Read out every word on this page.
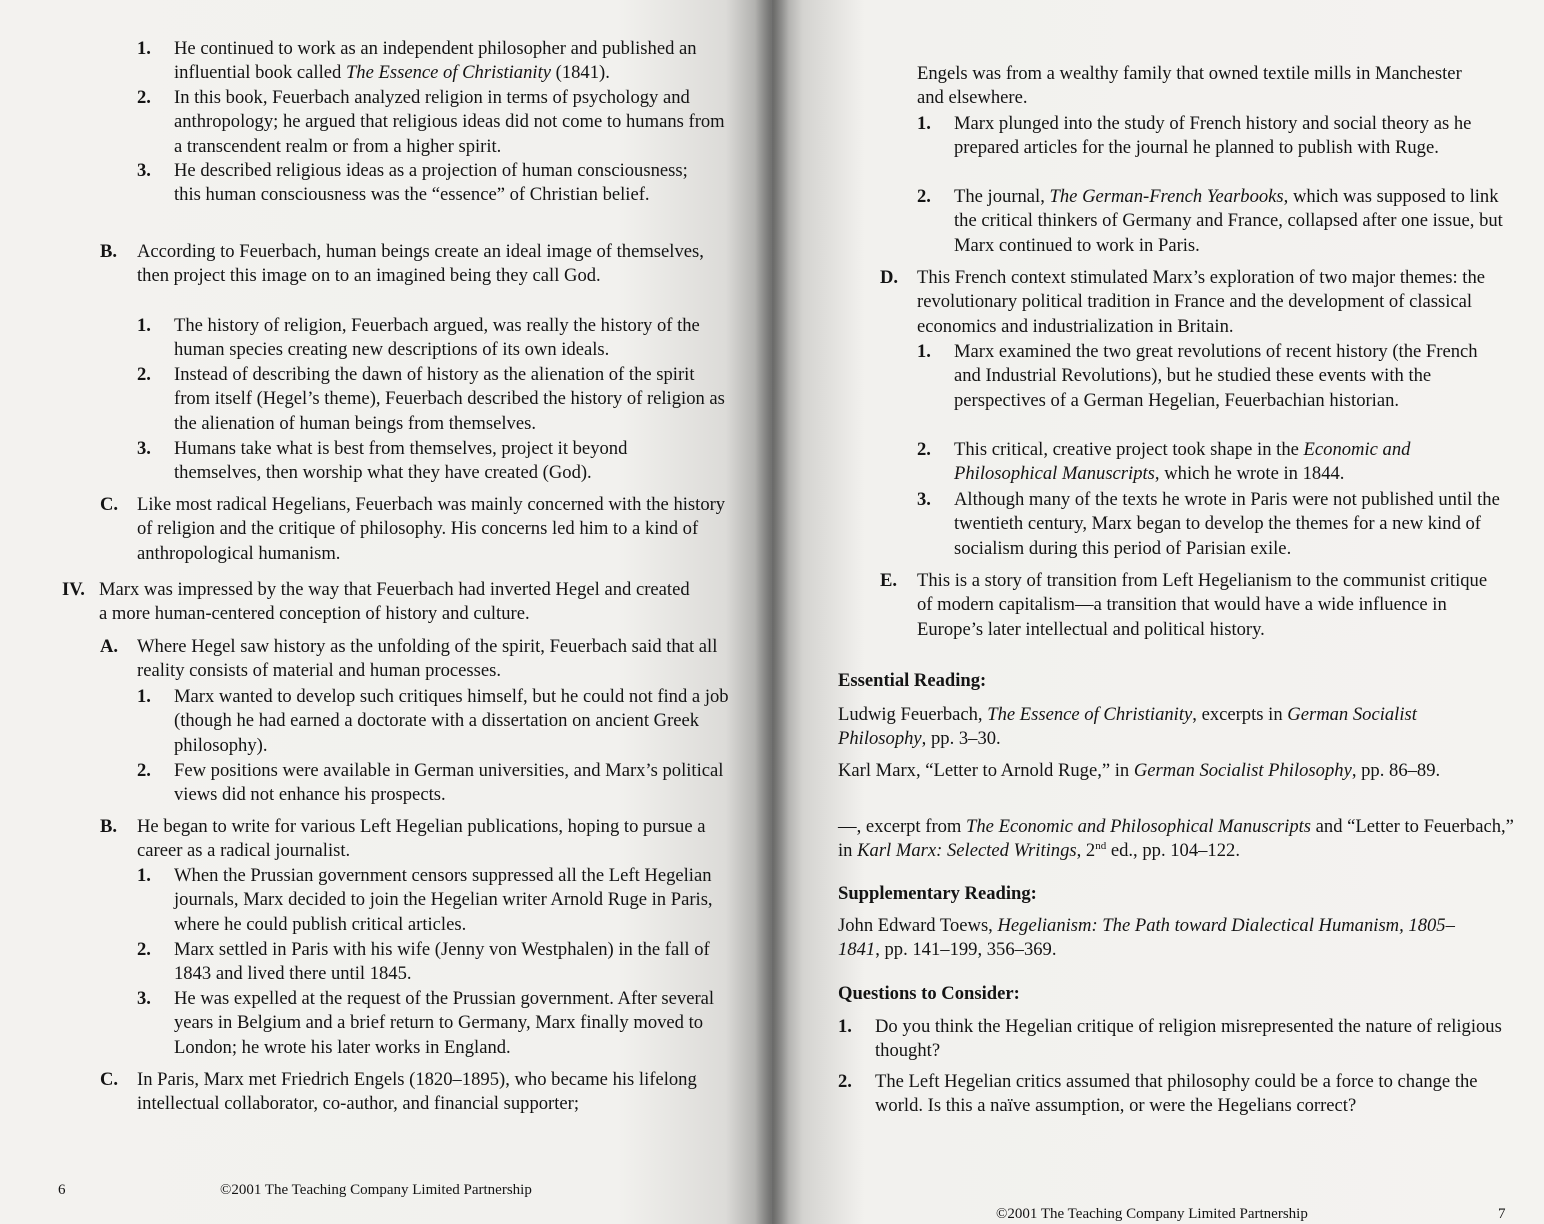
1. He continued to work as an independent philosopher and published an influential book called The Essence of Christianity (1841).
2. In this book, Feuerbach analyzed religion in terms of psychology and anthropology; he argued that religious ideas did not come to humans from a transcendent realm or from a higher spirit.
3. He described religious ideas as a projection of human consciousness; this human consciousness was the “essence” of Christian belief.
B. According to Feuerbach, human beings create an ideal image of themselves, then project this image on to an imagined being they call God.
1. The history of religion, Feuerbach argued, was really the history of the human species creating new descriptions of its own ideals.
2. Instead of describing the dawn of history as the alienation of the spirit from itself (Hegel’s theme), Feuerbach described the history of religion as the alienation of human beings from themselves.
3. Humans take what is best from themselves, project it beyond themselves, then worship what they have created (God).
C. Like most radical Hegelians, Feuerbach was mainly concerned with the history of religion and the critique of philosophy. His concerns led him to a kind of anthropological humanism.
IV. Marx was impressed by the way that Feuerbach had inverted Hegel and created a more human-centered conception of history and culture.
A. Where Hegel saw history as the unfolding of the spirit, Feuerbach said that all reality consists of material and human processes.
1. Marx wanted to develop such critiques himself, but he could not find a job (though he had earned a doctorate with a dissertation on ancient Greek philosophy).
2. Few positions were available in German universities, and Marx’s political views did not enhance his prospects.
B. He began to write for various Left Hegelian publications, hoping to pursue a career as a radical journalist.
1. When the Prussian government censors suppressed all the Left Hegelian journals, Marx decided to join the Hegelian writer Arnold Ruge in Paris, where he could publish critical articles.
2. Marx settled in Paris with his wife (Jenny von Westphalen) in the fall of 1843 and lived there until 1845.
3. He was expelled at the request of the Prussian government. After several years in Belgium and a brief return to Germany, Marx finally moved to London; he wrote his later works in England.
C. In Paris, Marx met Friedrich Engels (1820–1895), who became his lifelong intellectual collaborator, co-author, and financial supporter;
6	©2001 The Teaching Company Limited Partnership
Engels was from a wealthy family that owned textile mills in Manchester and elsewhere.
1. Marx plunged into the study of French history and social theory as he prepared articles for the journal he planned to publish with Ruge.
2. The journal, The German-French Yearbooks, which was supposed to link the critical thinkers of Germany and France, collapsed after one issue, but Marx continued to work in Paris.
D. This French context stimulated Marx’s exploration of two major themes: the revolutionary political tradition in France and the development of classical economics and industrialization in Britain.
1. Marx examined the two great revolutions of recent history (the French and Industrial Revolutions), but he studied these events with the perspectives of a German Hegelian, Feuerbachian historian.
2. This critical, creative project took shape in the Economic and Philosophical Manuscripts, which he wrote in 1844.
3. Although many of the texts he wrote in Paris were not published until the twentieth century, Marx began to develop the themes for a new kind of socialism during this period of Parisian exile.
E. This is a story of transition from Left Hegelianism to the communist critique of modern capitalism—a transition that would have a wide influence in Europe’s later intellectual and political history.
Essential Reading:
Ludwig Feuerbach, The Essence of Christianity, excerpts in German Socialist Philosophy, pp. 3–30.
Karl Marx, “Letter to Arnold Ruge,” in German Socialist Philosophy, pp. 86–89.
—, excerpt from The Economic and Philosophical Manuscripts and “Letter to Feuerbach,” in Karl Marx: Selected Writings, 2nd ed., pp. 104–122.
Supplementary Reading:
John Edward Toews, Hegelianism: The Path toward Dialectical Humanism, 1805–1841, pp. 141–199, 356–369.
Questions to Consider:
1. Do you think the Hegelian critique of religion misrepresented the nature of religious thought?
2. The Left Hegelian critics assumed that philosophy could be a force to change the world. Is this a naïve assumption, or were the Hegelians correct?
©2001 The Teaching Company Limited Partnership	7
